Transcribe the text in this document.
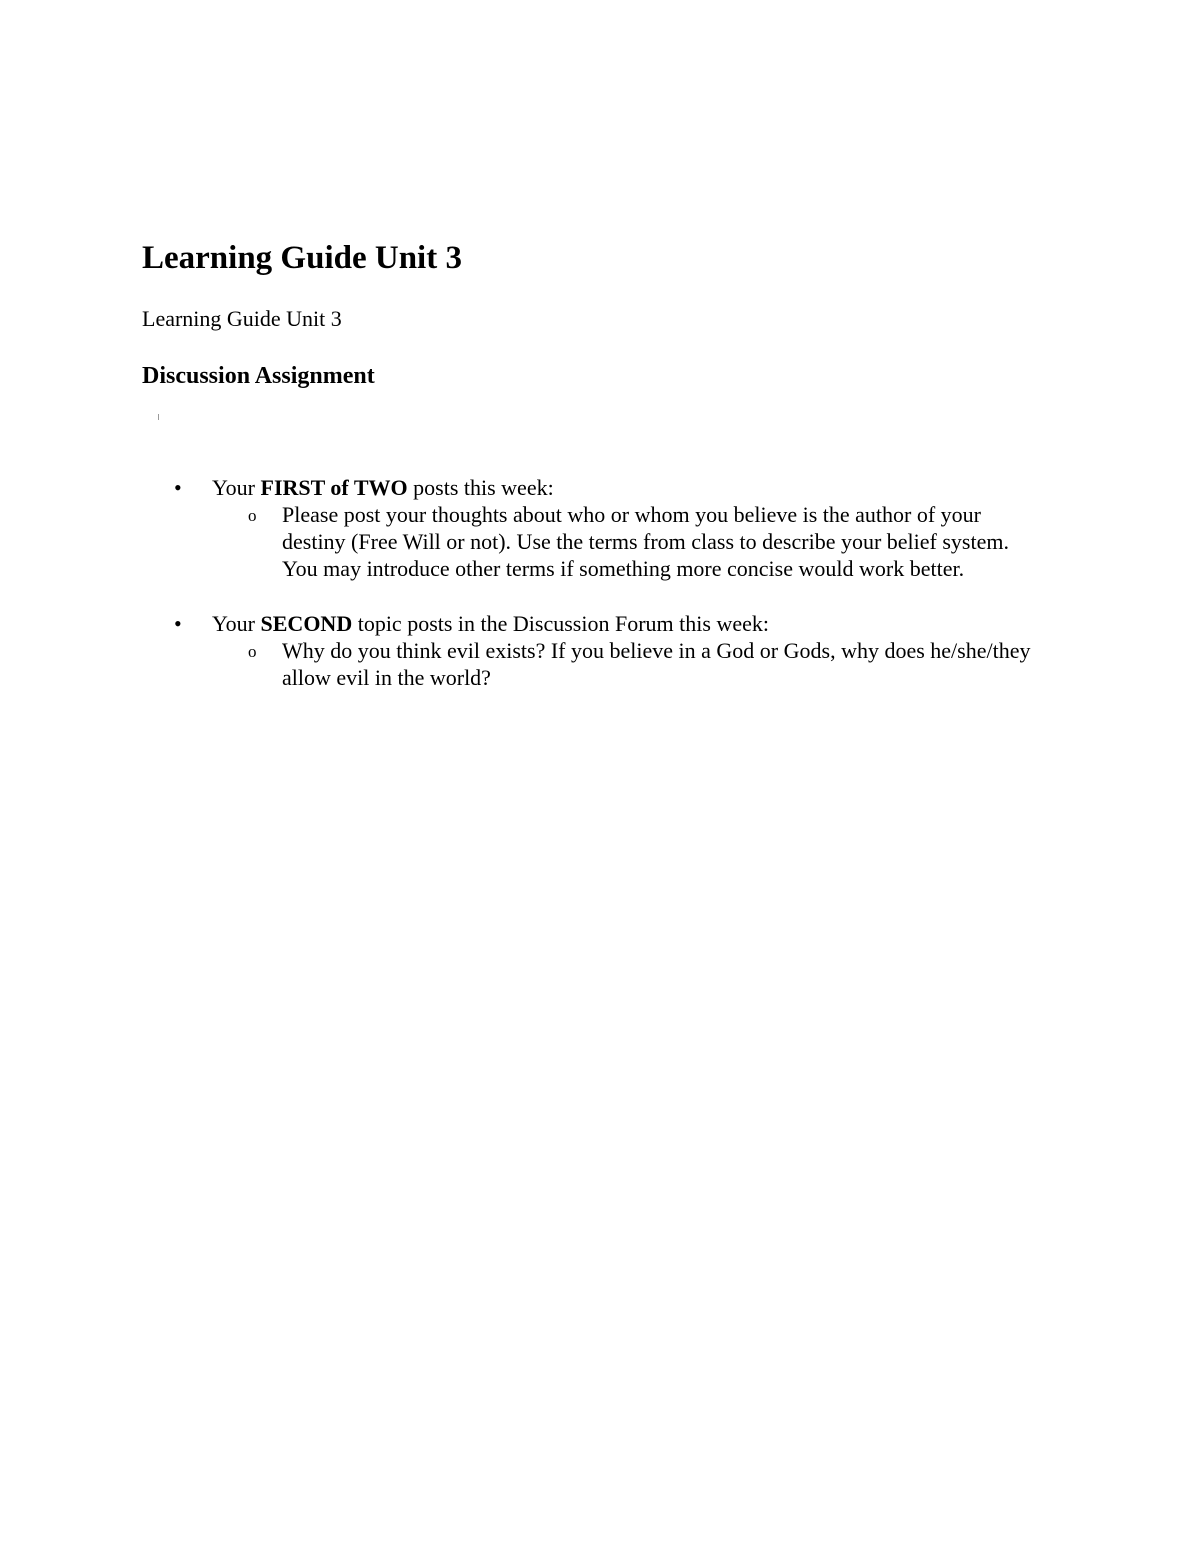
Learning Guide Unit 3

Learning Guide Unit 3

Discussion Assignment
• Your FIRST of TWO posts this week:
o Please post your thoughts about who or whom you believe is the author of your destiny (Free Will or not). Use the terms from class to describe your belief system. You may introduce other terms if something more concise would work better.
• Your SECOND topic posts in the Discussion Forum this week:
o Why do you think evil exists? If you believe in a God or Gods, why does he/she/they allow evil in the world?
